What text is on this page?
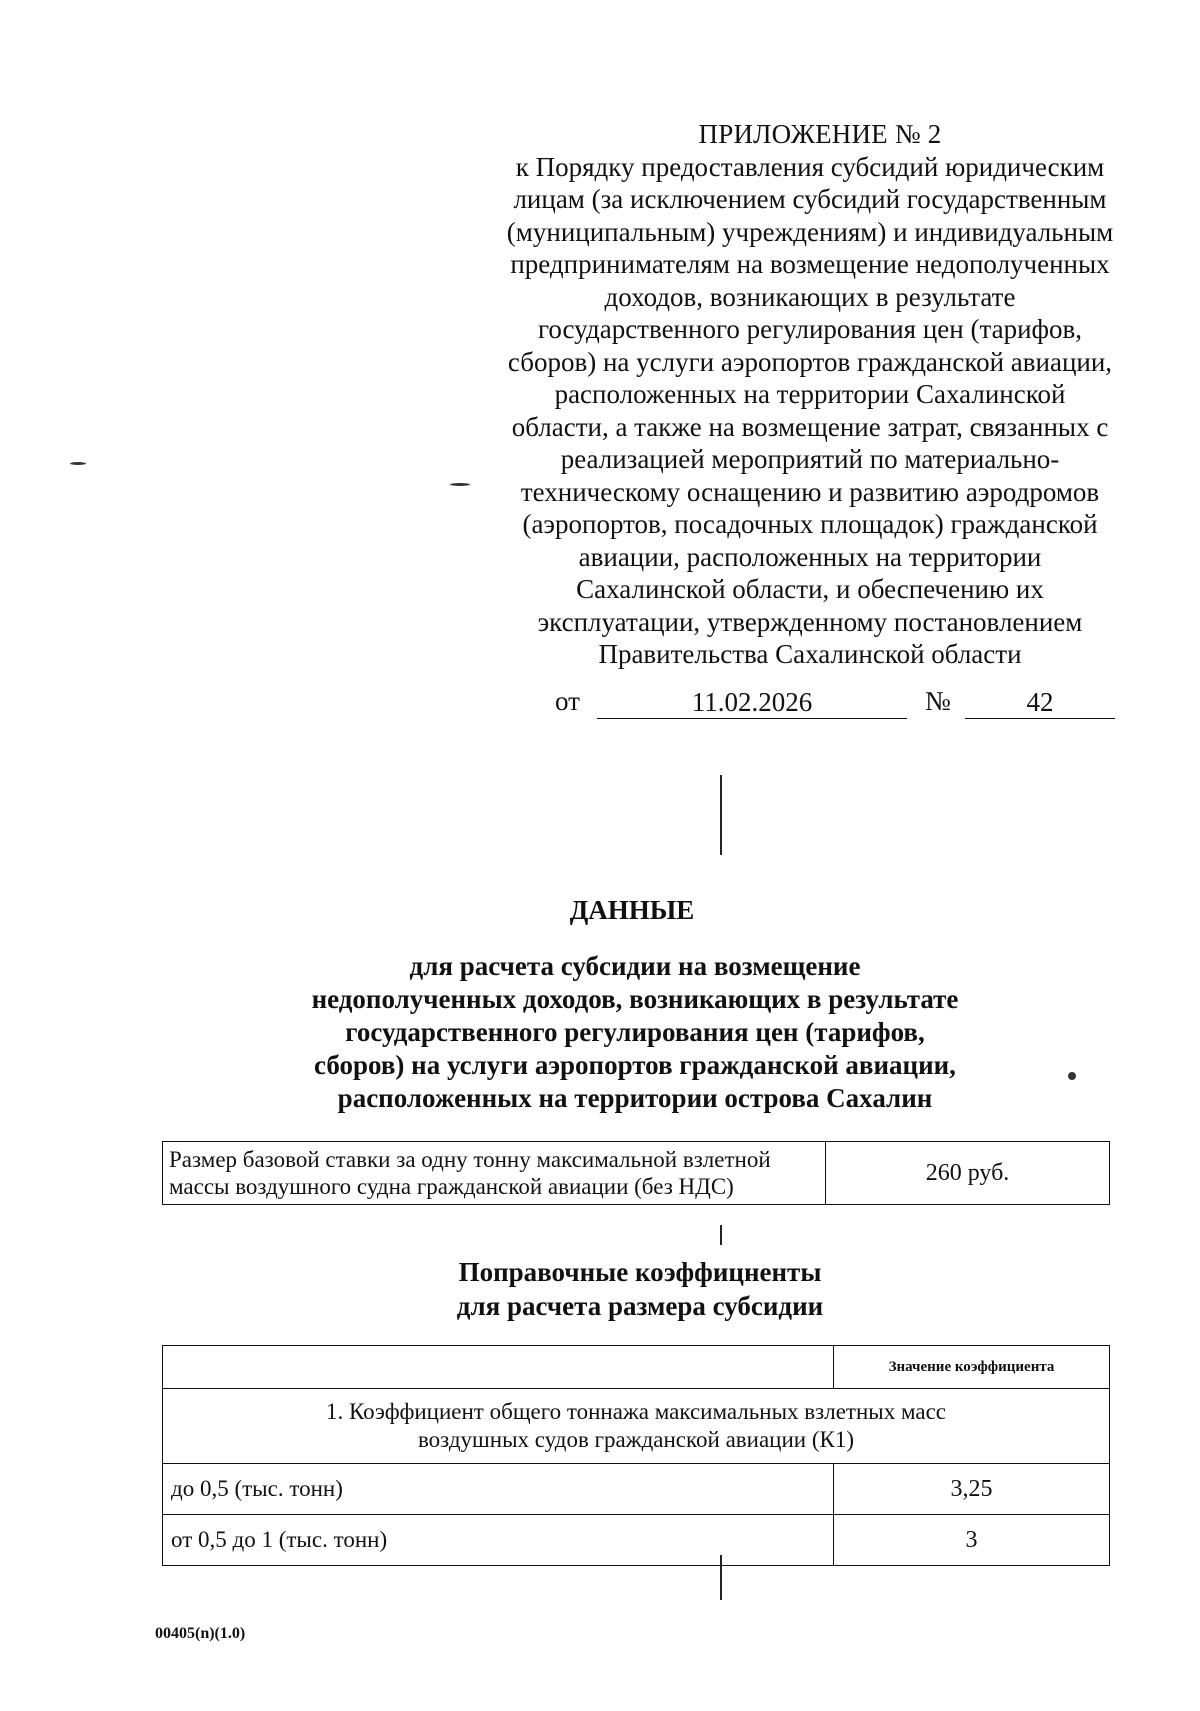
ПРИЛОЖЕНИЕ № 2
к Порядку предоставления субсидий юридическим
лицам (за исключением субсидий государственным
(муниципальным) учреждениям) и индивидуальным
предпринимателям на возмещение недополученных
доходов, возникающих в результате
государственного регулирования цен (тарифов,
сборов) на услуги аэропортов гражданской авиации,
расположенных на территории Сахалинской
области, а также на возмещение затрат, связанных с
реализацией мероприятий по материально-
техническому оснащению и развитию аэродромов
(аэропортов, посадочных площадок) гражданской
авиации, расположенных на территории
Сахалинской области, и обеспечению их
эксплуатации, утвержденному постановлением
Правительства Сахалинской области
от	11.02.2026	№	42
ДАННЫЕ
для расчета субсидии на возмещение
недополученных доходов, возникающих в результате
государственного регулирования цен (тарифов,
сборов) на услуги аэропортов гражданской авиации,
расположенных на территории острова Сахалин
Размер базовой ставки за одну тонну максимальной взлетной массы воздушного судна гражданской авиации (без НДС)	260 руб.
Поправочные коэффицненты
для расчета размера субсидии
	Значение коэффициента

1. Коэффициент общего тоннажа максимальных взлетных масс
воздушных судов гражданской авиации (К1)	

до 0,5 (тыс. тонн)	3,25
от 0,5 до 1 (тыс. тонн)	3
00405(n)(1.0)
